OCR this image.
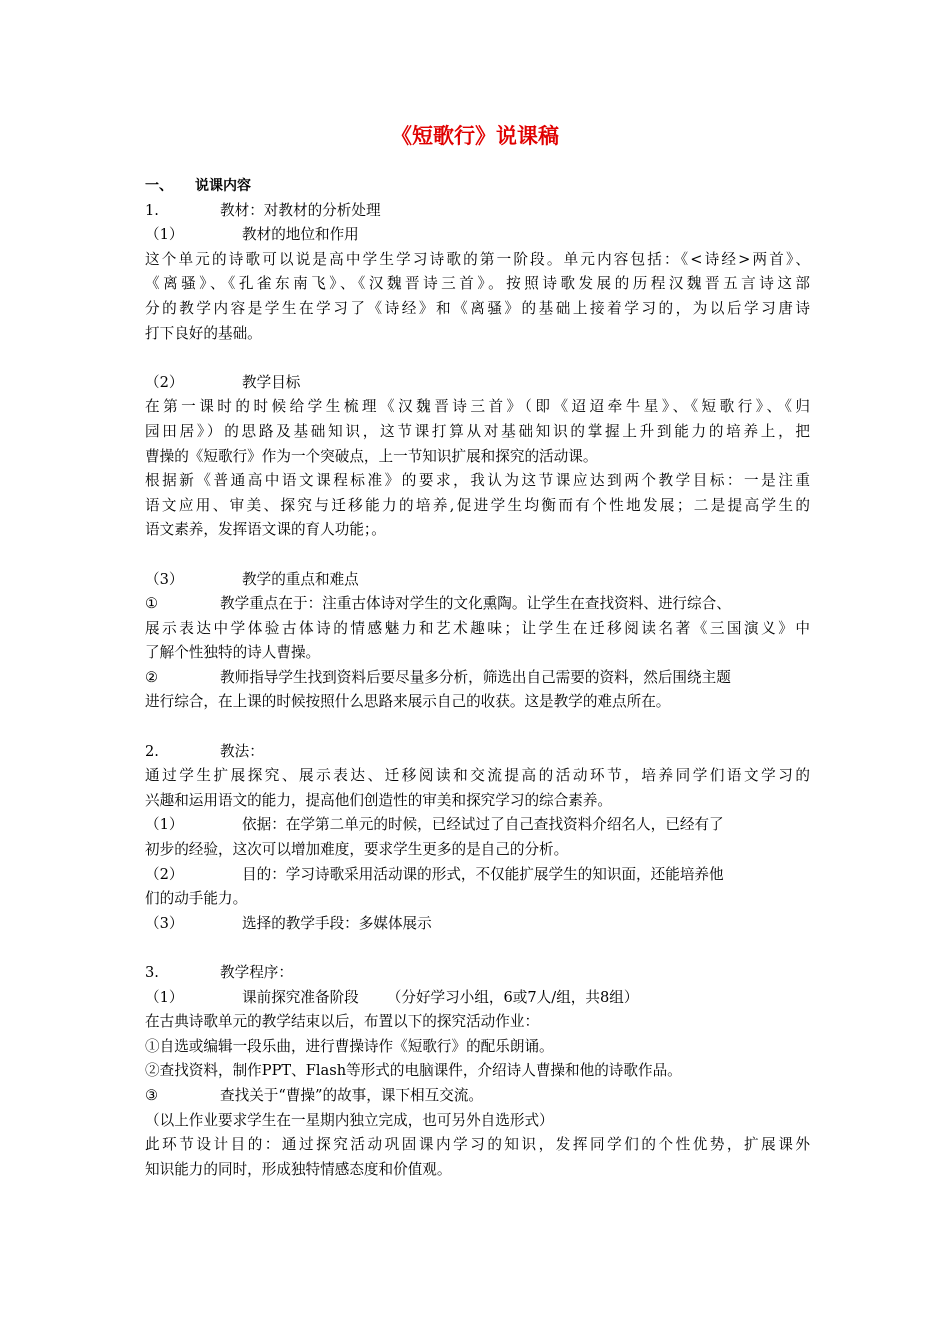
《短歌行》说课稿
一、 说课内容
1.	教材：对教材的分析处理
（1）	教材的地位和作用
这个单元的诗歌可以说是高中学生学习诗歌的第一阶段。单元内容包括：《<诗经>两首》、
《离骚》、《孔雀东南飞》、《汉魏晋诗三首》。按照诗歌发展的历程汉魏晋五言诗这部
分的教学内容是学生在学习了《诗经》和《离骚》的基础上接着学习的，为以后学习唐诗
打下良好的基础。
（2）	教学目标
在第一课时的时候给学生梳理《汉魏晋诗三首》（即《迢迢牵牛星》、《短歌行》、《归
园田居》）的思路及基础知识，这节课打算从对基础知识的掌握上升到能力的培养上，把
曹操的《短歌行》作为一个突破点，上一节知识扩展和探究的活动课。
根据新《普通高中语文课程标准》的要求，我认为这节课应达到两个教学目标：一是注重
语文应用、审美、探究与迁移能力的培养,促进学生均衡而有个性地发展；二是提高学生的
语文素养，发挥语文课的育人功能；。
（3）	教学的重点和难点
①	教学重点在于：注重古体诗对学生的文化熏陶。让学生在查找资料、进行综合、
展示表达中学体验古体诗的情感魅力和艺术趣味；让学生在迁移阅读名著《三国演义》中
了解个性独特的诗人曹操。
②	教师指导学生找到资料后要尽量多分析，筛选出自己需要的资料，然后围绕主题
进行综合，在上课的时候按照什么思路来展示自己的收获。这是教学的难点所在。
2.	教法：
通过学生扩展探究、展示表达、迁移阅读和交流提高的活动环节，培养同学们语文学习的
兴趣和运用语文的能力，提高他们创造性的审美和探究学习的综合素养。
（1）	依据：在学第二单元的时候，已经试过了自己查找资料介绍名人，已经有了
初步的经验，这次可以增加难度，要求学生更多的是自己的分析。
（2）	目的：学习诗歌采用活动课的形式，不仅能扩展学生的知识面，还能培养他
们的动手能力。
（3）	选择的教学手段：多媒体展示
3.	教学程序：
（1）	课前探究准备阶段 （分好学习小组，6或7人/组，共8组）
在古典诗歌单元的教学结束以后，布置以下的探究活动作业：
①自选或编辑一段乐曲，进行曹操诗作《短歌行》的配乐朗诵。
②查找资料，制作PPT、Flash等形式的电脑课件，介绍诗人曹操和他的诗歌作品。
③	查找关于“曹操”的故事，课下相互交流。
（以上作业要求学生在一星期内独立完成，也可另外自选形式）
此环节设计目的：通过探究活动巩固课内学习的知识，发挥同学们的个性优势，扩展课外
知识能力的同时，形成独特情感态度和价值观。
